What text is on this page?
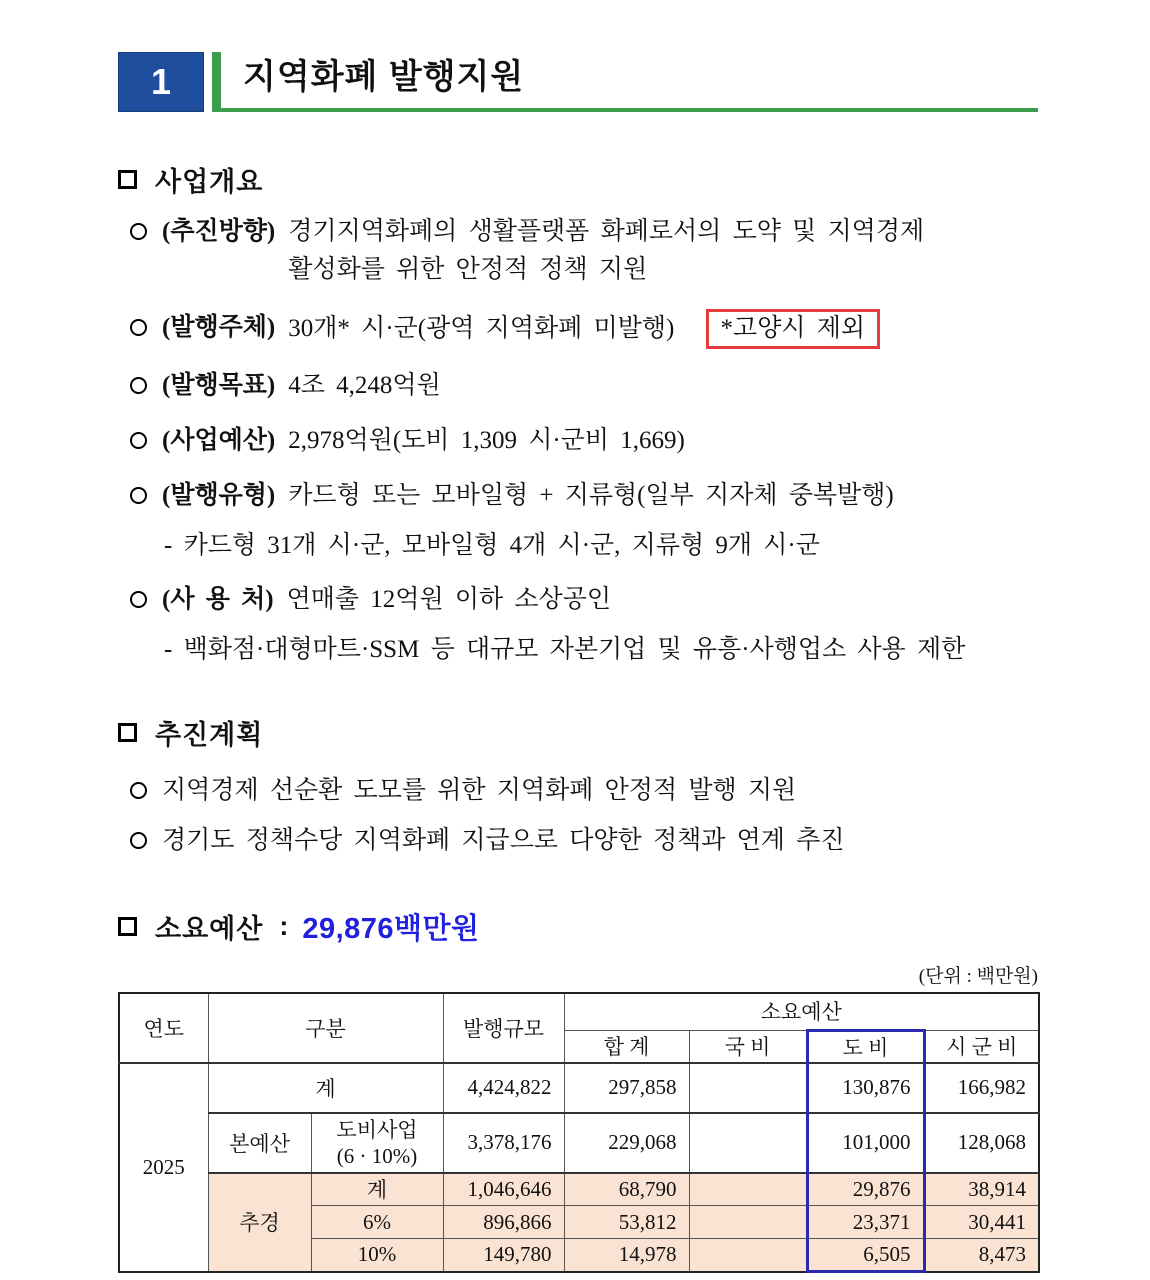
1 지역화폐 발행지원
사업개요
(추진방향) 경기지역화폐의 생활플랫폼 화폐로서의 도약 및 지역경제
활성화를 위한 안정적 정책 지원
(발행주체) 30개* 시·군(광역 지역화폐 미발행) *고양시 제외
(발행목표) 4조 4,248억원
(사업예산) 2,978억원(도비 1,309 시·군비 1,669)
(발행유형) 카드형 또는 모바일형 + 지류형(일부 지자체 중복발행)
- 카드형 31개 시·군, 모바일형 4개 시·군, 지류형 9개 시·군
(사 용 처) 연매출 12억원 이하 소상공인
- 백화점·대형마트·SSM 등 대규모 자본기업 및 유흥·사행업소 사용 제한
추진계획
지역경제 선순환 도모를 위한 지역화폐 안정적 발행 지원
경기도 정책수당 지역화폐 지급으로 다양한 정책과 연계 추진
소요예산 : 29,876백만원
(단위 : 백만원)
연도	구분		발행규모	소요예산			
				합 계	국 비	도 비	시 군 비
2025	계		4,424,822	297,858		130,876	166,982
	본예산	도비사업
(6 · 10%)	3,378,176	229,068		101,000	128,068
	추경	계	1,046,646	68,790		29,876	38,914
		6%	896,866	53,812		23,371	30,441
		10%	149,780	14,978		6,505	8,473
